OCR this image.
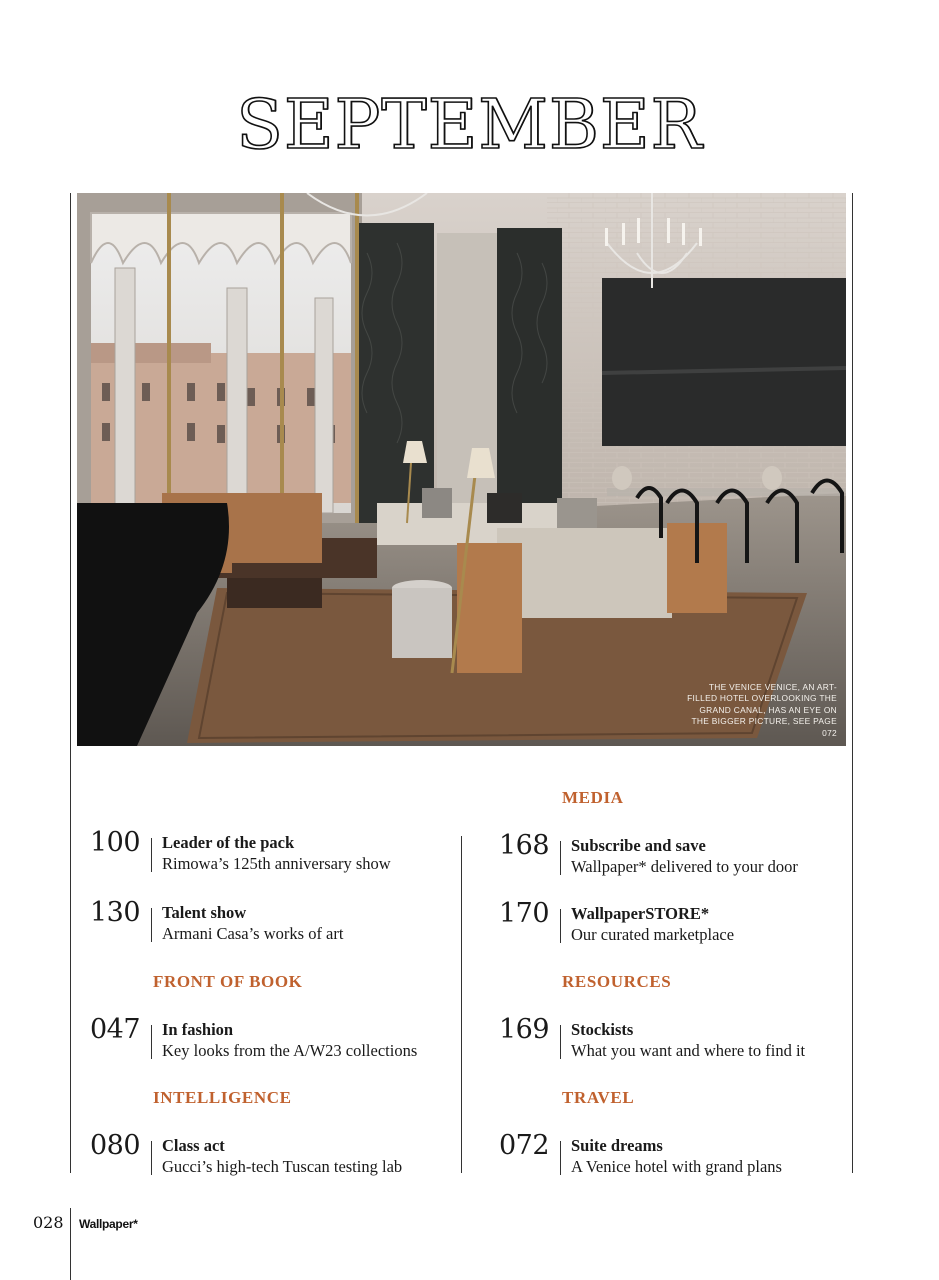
SEPTEMBER
THE VENICE VENICE, AN ART-FILLED HOTEL OVERLOOKING THE GRAND CANAL, HAS AN EYE ON THE BIGGER PICTURE, SEE PAGE 072
100 Leader of the pack
Rimowa’s 125th anniversary show
130 Talent show
Armani Casa’s works of art
FRONT OF BOOK
047 In fashion
Key looks from the A/W23 collections
INTELLIGENCE
080 Class act
Gucci’s high-tech Tuscan testing lab
MEDIA
168 Subscribe and save
Wallpaper* delivered to your door
170 WallpaperSTORE*
Our curated marketplace
RESOURCES
169 Stockists
What you want and where to find it
TRAVEL
072 Suite dreams
A Venice hotel with grand plans
028 Wallpaper*
